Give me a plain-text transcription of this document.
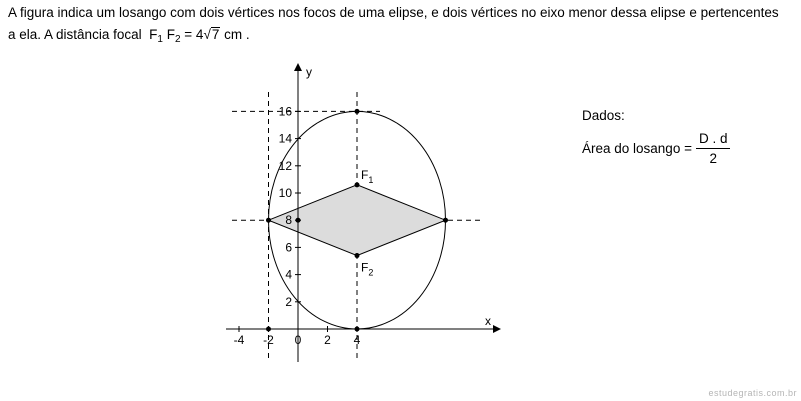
A figura indica um losango com dois vértices nos focos de uma elipse, e dois vértices no eixo menor dessa elipse e pertencentes
a ela. A distância focal $F_1$ $F_2 = 4√7$ cm .
x
y
-4 -2 0 2 4
2
4
6
8
10
12
14
16
$F_1$
$F_2$
Dados:
Área do losango = $\frac{D . d}{2}$
estudegratis.com.br
